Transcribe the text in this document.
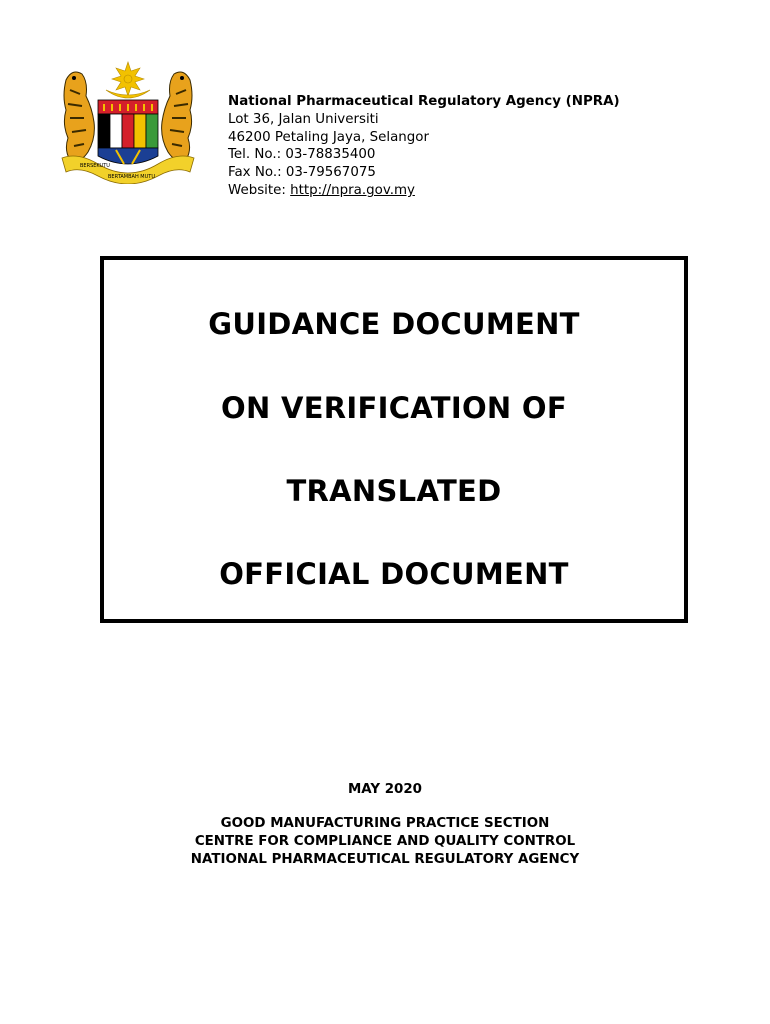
BERSEKUTU
BERTAMBAH MUTU
National Pharmaceutical Regulatory Agency (NPRA)
Lot 36, Jalan Universiti
46200 Petaling Jaya, Selangor
Tel. No.: 03-78835400
Fax No.: 03-79567075
Website: http://npra.gov.my
GUIDANCE DOCUMENT
ON VERIFICATION OF
TRANSLATED
OFFICIAL DOCUMENT
MAY 2020
GOOD MANUFACTURING PRACTICE SECTION
CENTRE FOR COMPLIANCE AND QUALITY CONTROL
NATIONAL PHARMACEUTICAL REGULATORY AGENCY
